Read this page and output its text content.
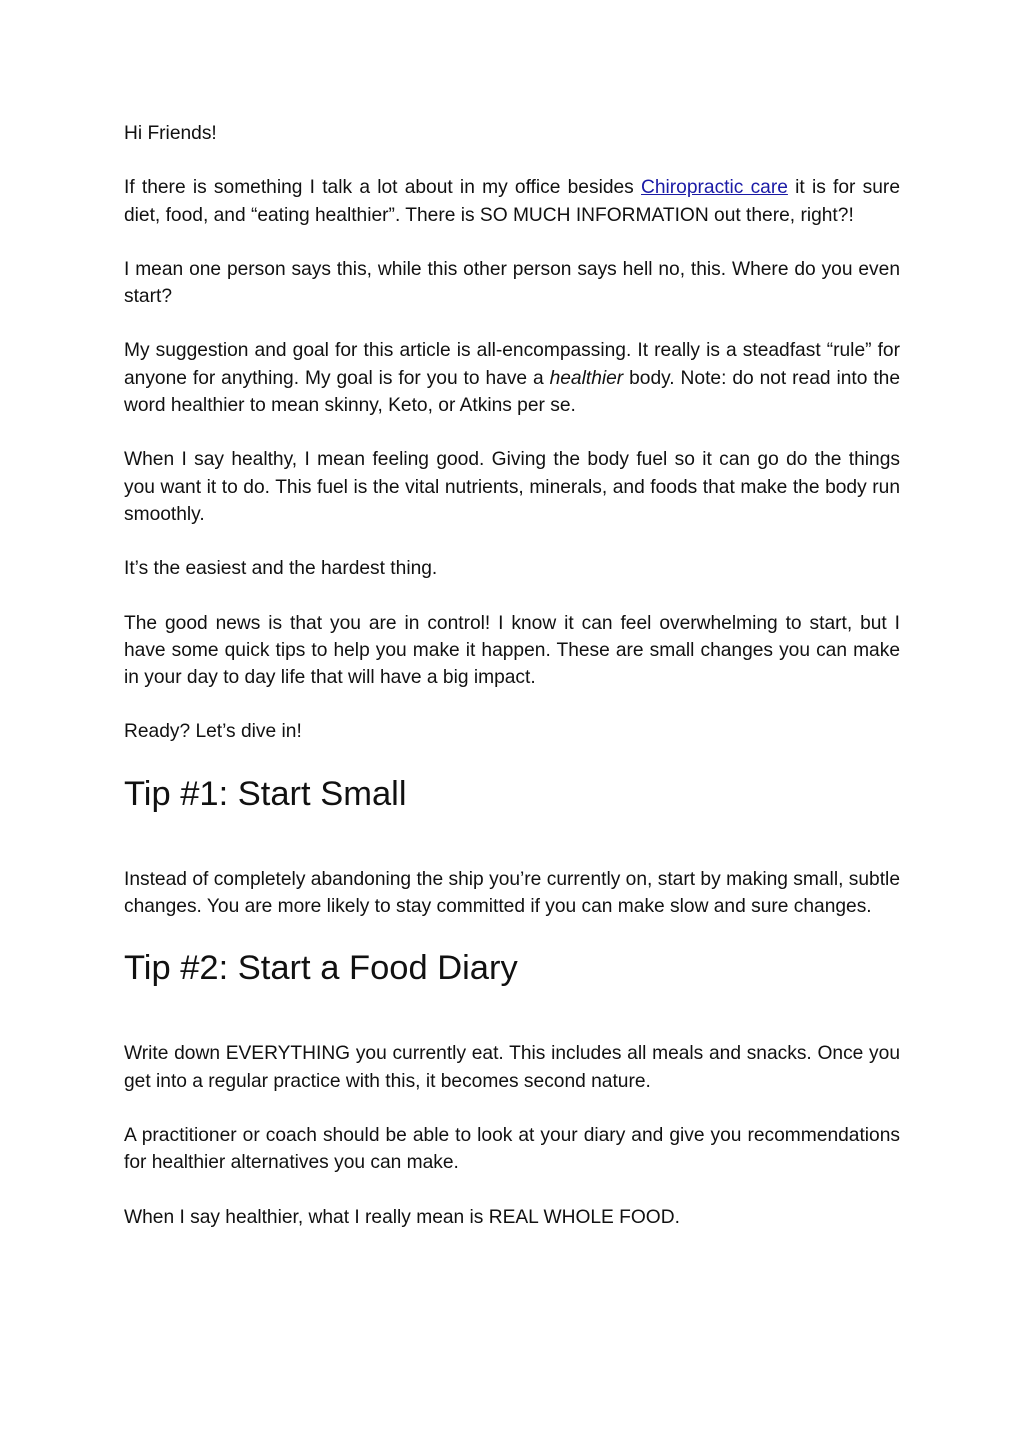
Hi Friends!

If there is something I talk a lot about in my office besides Chiropractic care it is for sure diet, food, and “eating healthier”. There is SO MUCH INFORMATION out there, right?!

I mean one person says this, while this other person says hell no, this. Where do you even start?

My suggestion and goal for this article is all-encompassing. It really is a steadfast “rule” for anyone for anything. My goal is for you to have a healthier body. Note: do not read into the word healthier to mean skinny, Keto, or Atkins per se.

When I say healthy, I mean feeling good. Giving the body fuel so it can go do the things you want it to do. This fuel is the vital nutrients, minerals, and foods that make the body run smoothly.

It’s the easiest and the hardest thing.

The good news is that you are in control! I know it can feel overwhelming to start, but I have some quick tips to help you make it happen. These are small changes you can make in your day to day life that will have a big impact.

Ready? Let’s dive in!

Tip #1: Start Small

Instead of completely abandoning the ship you’re currently on, start by making small, subtle changes. You are more likely to stay committed if you can make slow and sure changes.

Tip #2: Start a Food Diary

Write down EVERYTHING you currently eat. This includes all meals and snacks. Once you get into a regular practice with this, it becomes second nature.

A practitioner or coach should be able to look at your diary and give you recommendations for healthier alternatives you can make.

When I say healthier, what I really mean is REAL WHOLE FOOD.
